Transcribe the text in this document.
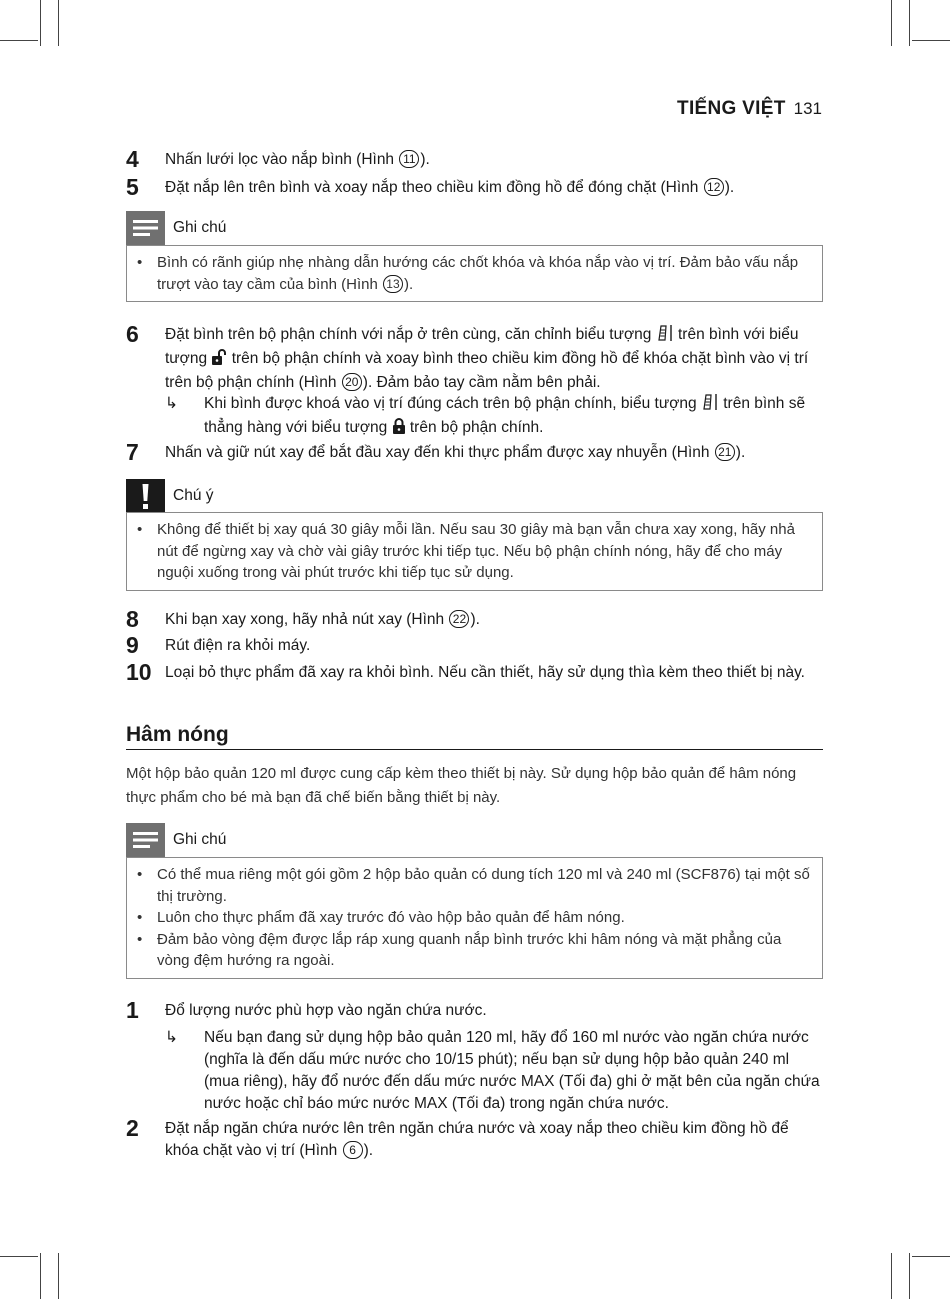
TIẾNG VIỆT 131
4 Nhấn lưới lọc vào nắp bình (Hình 11 ).
5 Đặt nắp lên trên bình và xoay nắp theo chiều kim đồng hồ để đóng chặt (Hình 12 ).
Ghi chú
• Bình có rãnh giúp nhẹ nhàng dẫn hướng các chốt khóa và khóa nắp vào vị trí. Đảm bảo vấu nắp trượt vào tay cầm của bình (Hình 13 ).
6 Đặt bình trên bộ phận chính với nắp ở trên cùng, căn chỉnh biểu tượng  trên bình với biểu tượng  trên bộ phận chính và xoay bình theo chiều kim đồng hồ để khóa chặt bình vào vị trí trên bộ phận chính (Hình 20 ). Đảm bảo tay cầm nằm bên phải.
↳ Khi bình được khoá vào vị trí đúng cách trên bộ phận chính, biểu tượng  trên bình sẽ thẳng hàng với biểu tượng  trên bộ phận chính.
7 Nhấn và giữ nút xay để bắt đầu xay đến khi thực phẩm được xay nhuyễn (Hình 21 ).
Chú ý
• Không để thiết bị xay quá 30 giây mỗi lần. Nếu sau 30 giây mà bạn vẫn chưa xay xong, hãy nhả nút để ngừng xay và chờ vài giây trước khi tiếp tục. Nếu bộ phận chính nóng, hãy để cho máy nguội xuống trong vài phút trước khi tiếp tục sử dụng.
8 Khi bạn xay xong, hãy nhả nút xay (Hình 22 ).
9 Rút điện ra khỏi máy.
10 Loại bỏ thực phẩm đã xay ra khỏi bình. Nếu cần thiết, hãy sử dụng thìa kèm theo thiết bị này.
Hâm nóng
Một hộp bảo quản 120 ml được cung cấp kèm theo thiết bị này. Sử dụng hộp bảo quản để hâm nóng thực phẩm cho bé mà bạn đã chế biến bằng thiết bị này.
Ghi chú
• Có thể mua riêng một gói gồm 2 hộp bảo quản có dung tích 120 ml và 240 ml (SCF876) tại một số thị trường.
• Luôn cho thực phẩm đã xay trước đó vào hộp bảo quản để hâm nóng.
• Đảm bảo vòng đệm được lắp ráp xung quanh nắp bình trước khi hâm nóng và mặt phẳng của vòng đệm hướng ra ngoài.
1 Đổ lượng nước phù hợp vào ngăn chứa nước.
↳ Nếu bạn đang sử dụng hộp bảo quản 120 ml, hãy đổ 160 ml nước vào ngăn chứa nước (nghĩa là đến dấu mức nước cho 10/15 phút); nếu bạn sử dụng hộp bảo quản 240 ml (mua riêng), hãy đổ nước đến dấu mức nước MAX (Tối đa) ghi ở mặt bên của ngăn chứa nước hoặc chỉ báo mức nước MAX (Tối đa) trong ngăn chứa nước.
2 Đặt nắp ngăn chứa nước lên trên ngăn chứa nước và xoay nắp theo chiều kim đồng hồ để khóa chặt vào vị trí (Hình 6 ).
